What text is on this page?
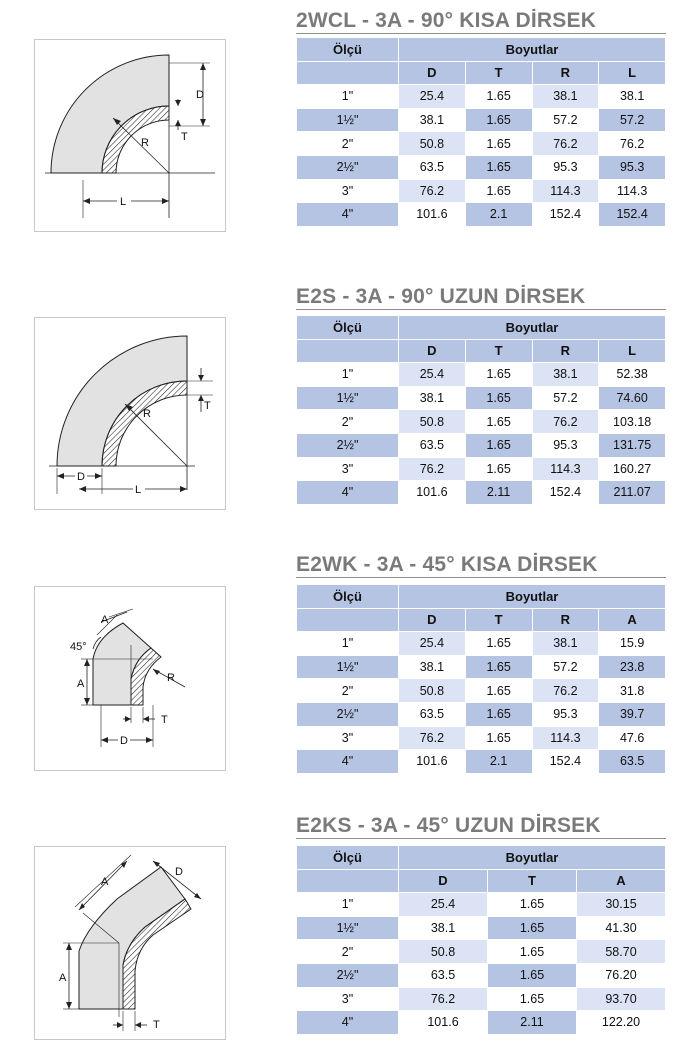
R
D
T
L
2WCL - 3A - 90° KISA DİRSEK
Ölçü	Boyutlar			
	D	T	R	L
1"	25.4	1.65	38.1	38.1
1½"	38.1	1.65	57.2	57.2
2"	50.8	1.65	76.2	76.2
2½"	63.5	1.65	95.3	95.3
3"	76.2	1.65	114.3	114.3
4"	101.6	2.1	152.4	152.4
R
T
D
L
E2S - 3A - 90° UZUN DİRSEK
Ölçü	Boyutlar			
	D	T	R	L
1"	25.4	1.65	38.1	52.38
1½"	38.1	1.65	57.2	74.60
2"	50.8	1.65	76.2	103.18
2½"	63.5	1.65	95.3	131.75
3"	76.2	1.65	114.3	160.27
4"	101.6	2.11	152.4	211.07
A
45°
A	R
T
D
E2WK - 3A - 45° KISA DİRSEK
Ölçü	Boyutlar			
	D	T	R	A
1"	25.4	1.65	38.1	15.9
1½"	38.1	1.65	57.2	23.8
2"	50.8	1.65	76.2	31.8
2½"	63.5	1.65	95.3	39.7
3"	76.2	1.65	114.3	47.6
4"	101.6	2.1	152.4	63.5
A
D
A
T
E2KS - 3A - 45° UZUN DİRSEK
Ölçü	Boyutlar		
	D	T	A
1"	25.4	1.65	30.15
1½"	38.1	1.65	41.30
2"	50.8	1.65	58.70
2½"	63.5	1.65	76.20
3"	76.2	1.65	93.70
4"	101.6	2.11	122.20
